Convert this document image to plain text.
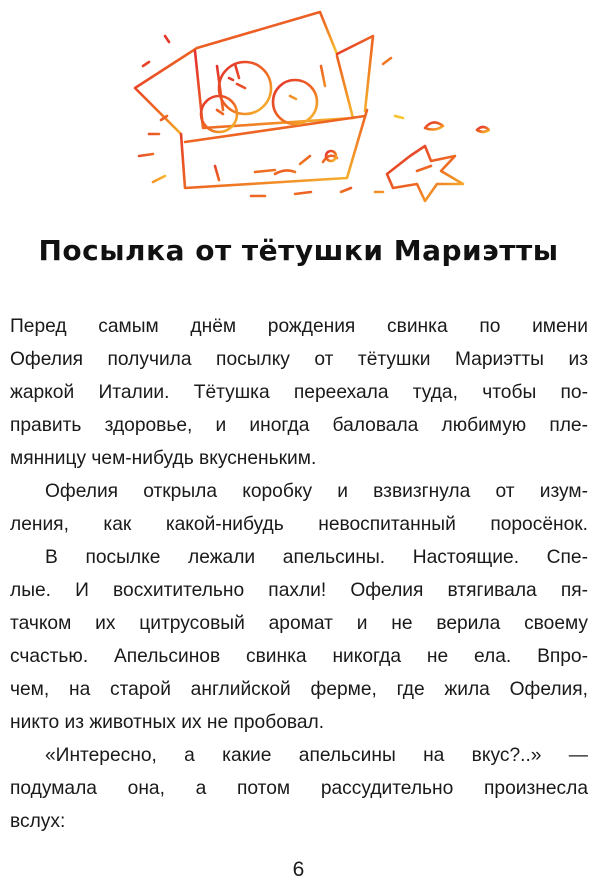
Посылка от тётушки Мариэтты
Перед самым днём рождения свинка по имени
Офелия получила посылку от тётушки Мариэтты из
жаркой Италии. Тётушка переехала туда, чтобы по-
править здоровье, и иногда баловала любимую пле-
мянницу чем-нибудь вкусненьким.
Офелия открыла коробку и взвизгнула от изум-
ления, как какой-нибудь невоспитанный поросёнок.
В посылке лежали апельсины. Настоящие. Спе-
лые. И восхитительно пахли! Офелия втягивала пя-
тачком их цитрусовый аромат и не верила своему
счастью. Апельсинов свинка никогда не ела. Впро-
чем, на старой английской ферме, где жила Офелия,
никто из животных их не пробовал.
«Интересно, а какие апельсины на вкус?..» —
подумала она, а потом рассудительно произнесла
вслух:
6
